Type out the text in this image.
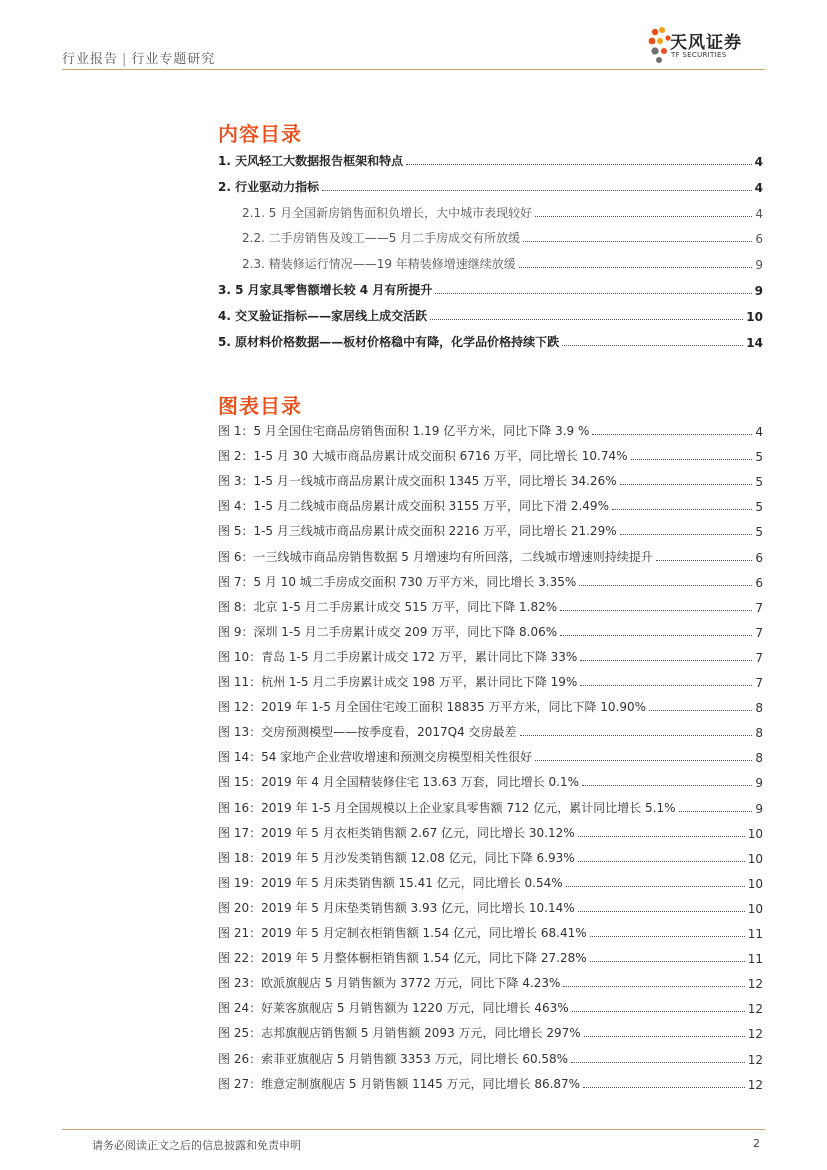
行业报告 | 行业专题研究
天风证券
TF SECURITIES
内容目录
1. 天风轻工大数据报告框架和特点	4
2. 行业驱动力指标	4
2.1. 5 月全国新房销售面积负增长，大中城市表现较好	4
2.2. 二手房销售及竣工——5 月二手房成交有所放缓	6
2.3. 精装修运行情况——19 年精装修增速继续放缓	9
3. 5 月家具零售额增长较 4 月有所提升	9
4. 交叉验证指标——家居线上成交活跃	10
5. 原材料价格数据——板材价格稳中有降，化学品价格持续下跌	14
图表目录
图 1：5 月全国住宅商品房销售面积 1.19 亿平方米，同比下降 3.9 %	4
图 2：1-5 月 30 大城市商品房累计成交面积 6716 万平，同比增长 10.74%	5
图 3：1-5 月一线城市商品房累计成交面积 1345 万平，同比增长 34.26%	5
图 4：1-5 月二线城市商品房累计成交面积 3155 万平，同比下滑 2.49%	5
图 5：1-5 月三线城市商品房累计成交面积 2216 万平，同比增长 21.29%	5
图 6：一三线城市商品房销售数据 5 月增速均有所回落，二线城市增速则持续提升	6
图 7：5 月 10 城二手房成交面积 730 万平方米，同比增长 3.35%	6
图 8：北京 1-5 月二手房累计成交 515 万平，同比下降 1.82%	7
图 9：深圳 1-5 月二手房累计成交 209 万平，同比下降 8.06%	7
图 10：青岛 1-5 月二手房累计成交 172 万平，累计同比下降 33%	7
图 11：杭州 1-5 月二手房累计成交 198 万平，累计同比下降 19%	7
图 12：2019 年 1-5 月全国住宅竣工面积 18835 万平方米，同比下降 10.90%	8
图 13：交房预测模型——按季度看，2017Q4 交房最差	8
图 14：54 家地产企业营收增速和预测交房模型相关性很好	8
图 15：2019 年 4 月全国精装修住宅 13.63 万套，同比增长 0.1%	9
图 16：2019 年 1-5 月全国规模以上企业家具零售额 712 亿元，累计同比增长 5.1%	9
图 17：2019 年 5 月衣柜类销售额 2.67 亿元，同比增长 30.12%	10
图 18：2019 年 5 月沙发类销售额 12.08 亿元，同比下降 6.93%	10
图 19：2019 年 5 月床类销售额 15.41 亿元，同比增长 0.54%	10
图 20：2019 年 5 月床垫类销售额 3.93 亿元，同比增长 10.14%	10
图 21：2019 年 5 月定制衣柜销售额 1.54 亿元，同比增长 68.41%	11
图 22：2019 年 5 月整体橱柜销售额 1.54 亿元，同比下降 27.28%	11
图 23：欧派旗舰店 5 月销售额为 3772 万元，同比下降 4.23%	12
图 24：好莱客旗舰店 5 月销售额为 1220 万元，同比增长 463%	12
图 25：志邦旗舰店销售额 5 月销售额 2093 万元，同比增长 297%	12
图 26：索菲亚旗舰店 5 月销售额 3353 万元，同比增长 60.58%	12
图 27：维意定制旗舰店 5 月销售额 1145 万元，同比增长 86.87%	12
请务必阅读正文之后的信息披露和免责申明	2
